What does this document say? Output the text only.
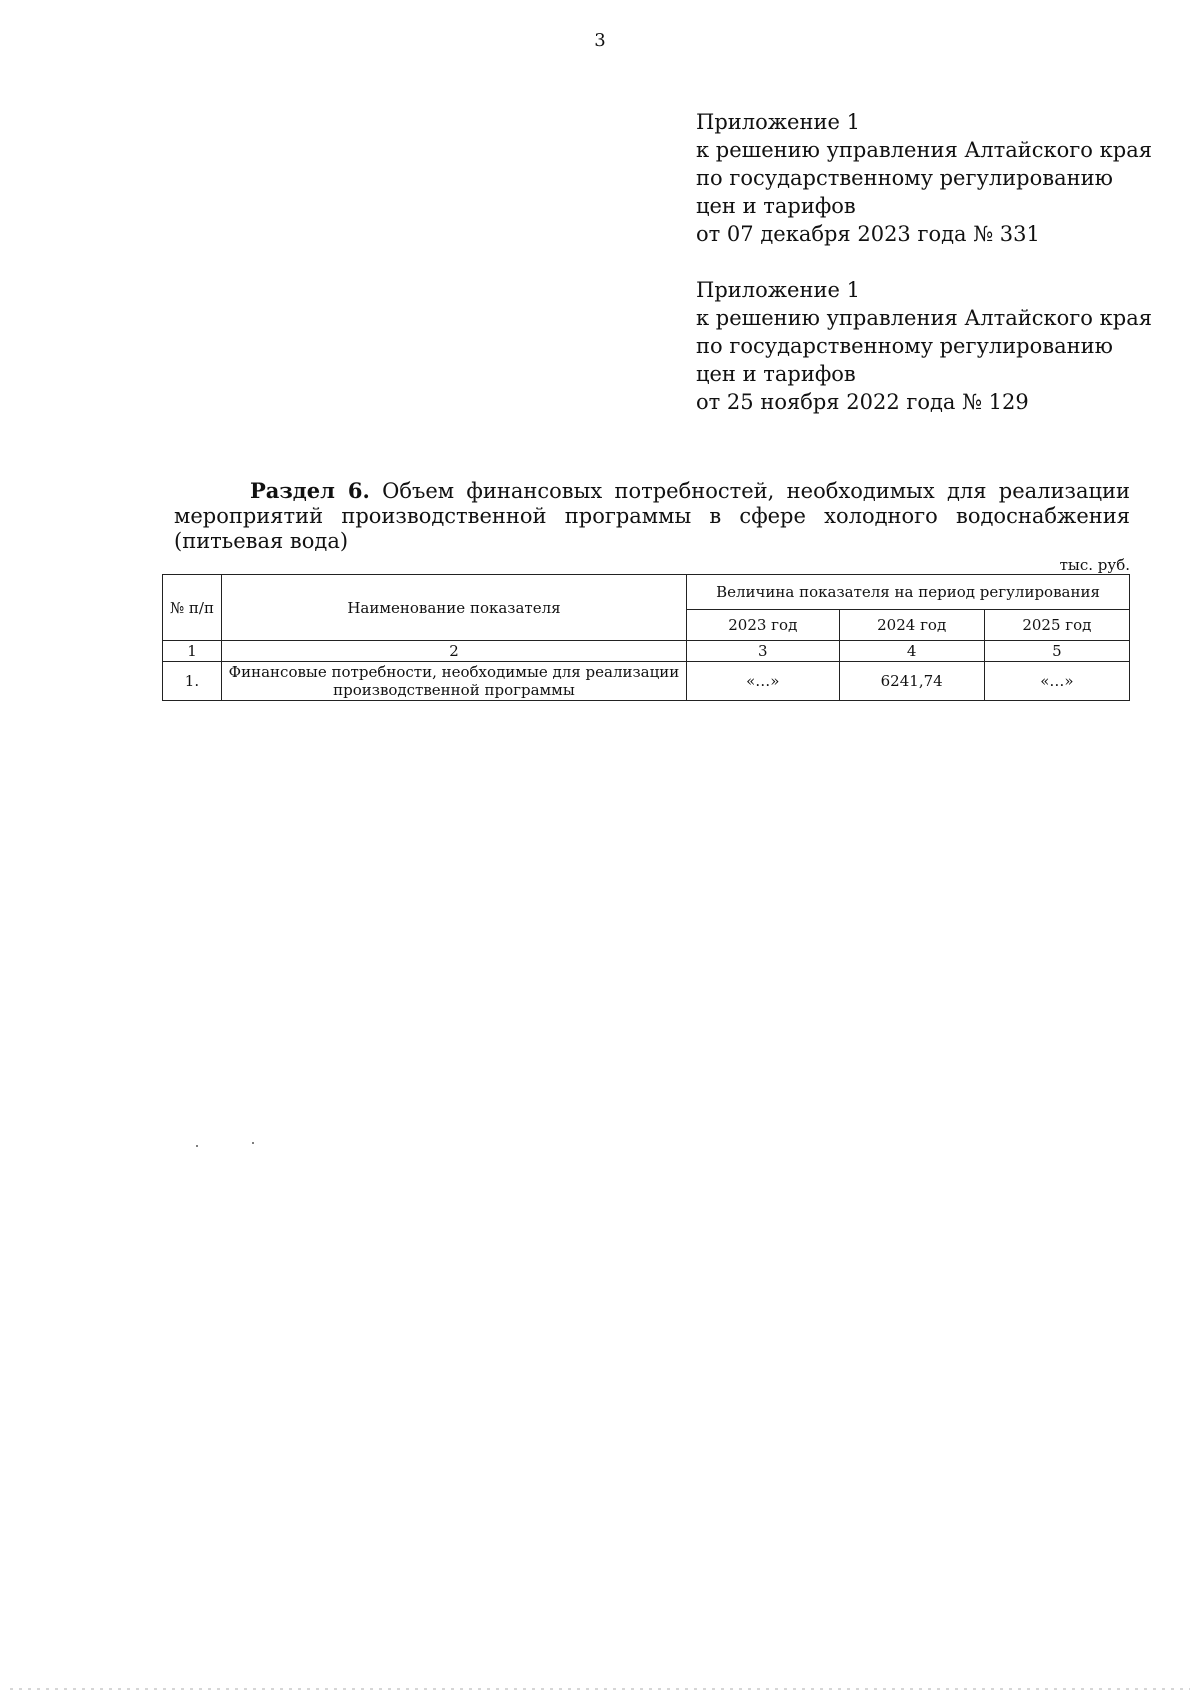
3
Приложение 1
к решению управления Алтайского края
по государственному регулированию
цен и тарифов
от 07 декабря 2023 года № 331
Приложение 1
к решению управления Алтайского края
по государственному регулированию
цен и тарифов
от 25 ноября 2022 года № 129
Раздел 6. Объем финансовых потребностей, необходимых для реализации мероприятий производственной программы в сфере холодного водоснабжения (питьевая вода)
тыс. руб.
№ п/п	Наименование показателя	Величина показателя на период регулирования		
		2023 год	2024 год	2025 год
1	2	3	4	5
1.	Финансовые потребности, необходимые для реализации производственной программы	«…»	6241,74	«…»
